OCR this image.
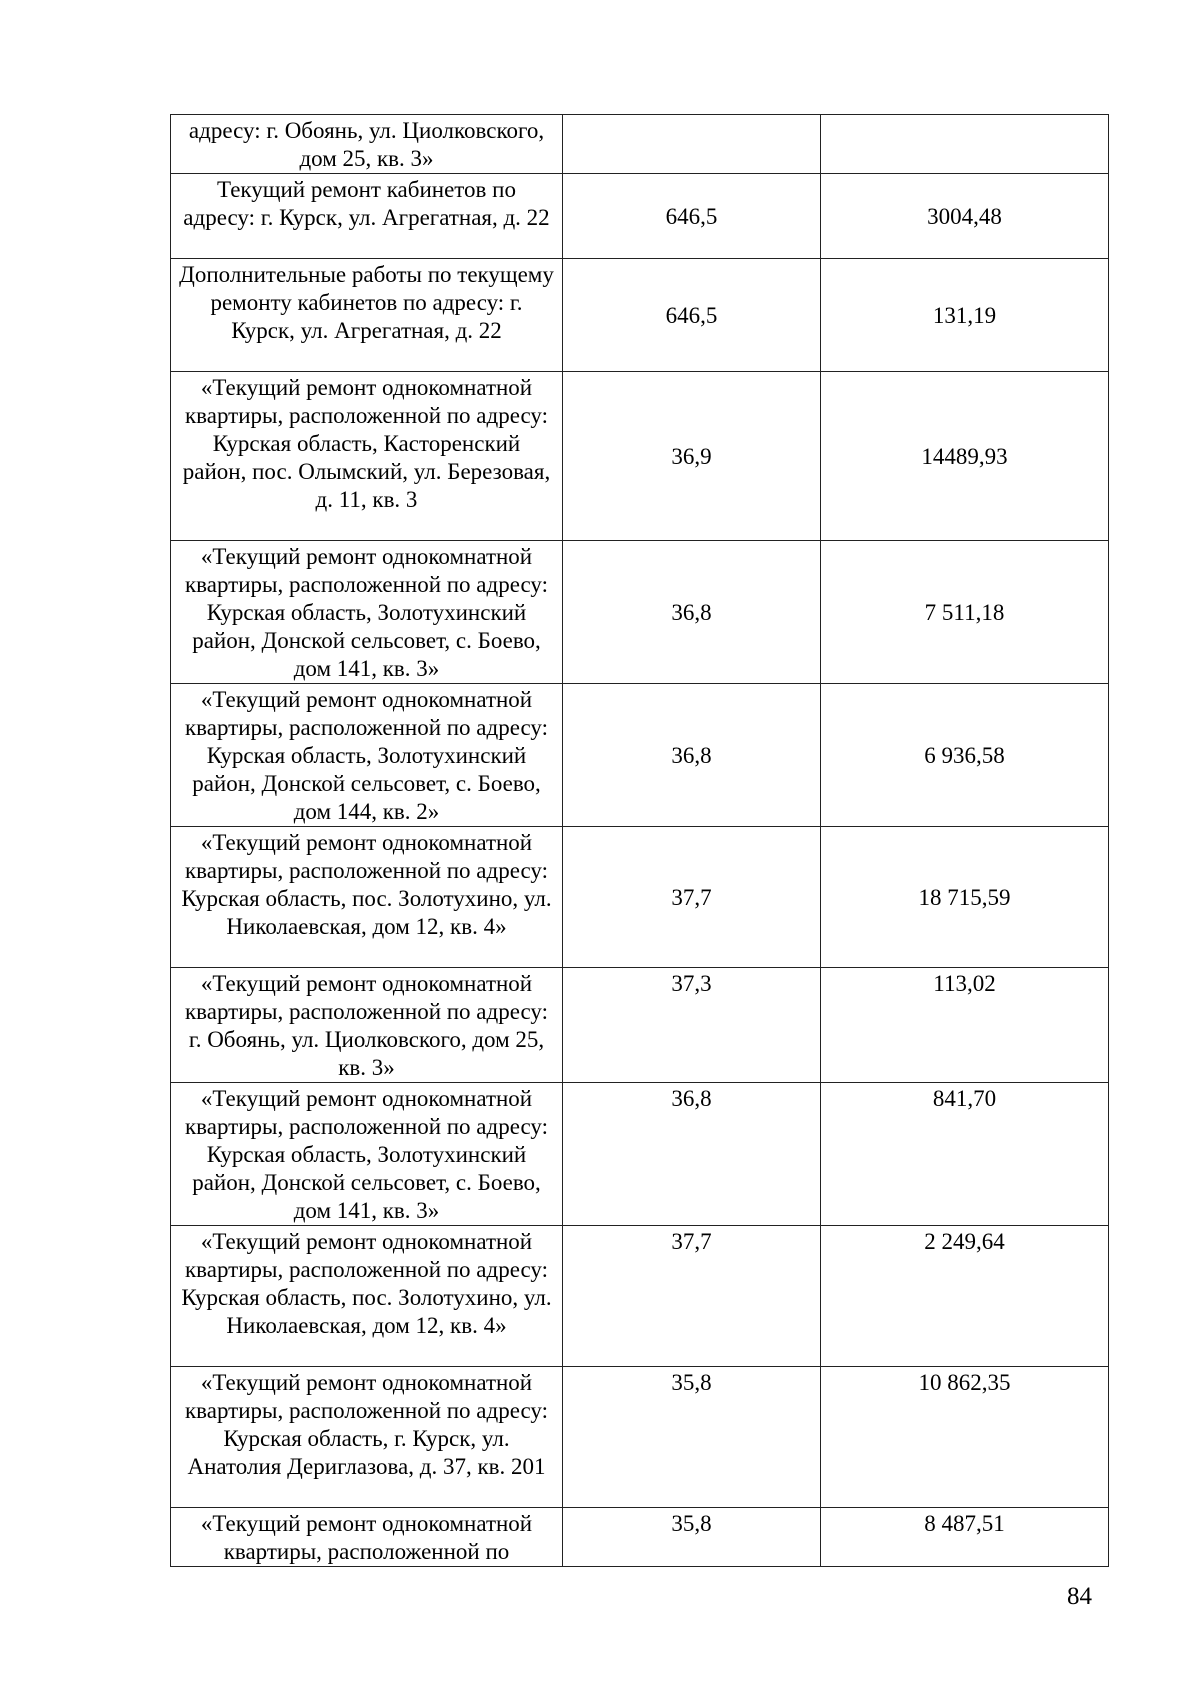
адресу: г. Обоянь, ул. Циолковского, дом 25, кв. 3»		
Текущий ремонт кабинетов по адресу: г. Курск, ул. Агрегатная, д. 22	646,5	3004,48
Дополнительные работы по текущему ремонту кабинетов по адресу: г. Курск, ул. Агрегатная, д. 22	646,5	131,19
«Текущий ремонт однокомнатной квартиры, расположенной по адресу: Курская область, Касторенский район, пос. Олымский, ул. Березовая, д. 11, кв. 3	36,9	14489,93
«Текущий ремонт однокомнатной квартиры, расположенной по адресу: Курская область, Золотухинский район, Донской сельсовет, с. Боево, дом 141, кв. 3»	36,8	7 511,18
«Текущий ремонт однокомнатной квартиры, расположенной по адресу: Курская область, Золотухинский район, Донской сельсовет, с. Боево, дом 144, кв. 2»	36,8	6 936,58
«Текущий ремонт однокомнатной квартиры, расположенной по адресу: Курская область, пос. Золотухино, ул. Николаевская, дом 12, кв. 4»	37,7	18 715,59
«Текущий ремонт однокомнатной квартиры, расположенной по адресу: г. Обоянь, ул. Циолковского, дом 25, кв. 3»	37,3	113,02
«Текущий ремонт однокомнатной квартиры, расположенной по адресу: Курская область, Золотухинский район, Донской сельсовет, с. Боево, дом 141, кв. 3»	36,8	841,70
«Текущий ремонт однокомнатной квартиры, расположенной по адресу: Курская область, пос. Золотухино, ул. Николаевская, дом 12, кв. 4»	37,7	2 249,64
«Текущий ремонт однокомнатной квартиры, расположенной по адресу: Курская область, г. Курск, ул. Анатолия Дериглазова, д. 37, кв. 201	35,8	10 862,35
«Текущий ремонт однокомнатной квартиры, расположенной по	35,8	8 487,51
84
